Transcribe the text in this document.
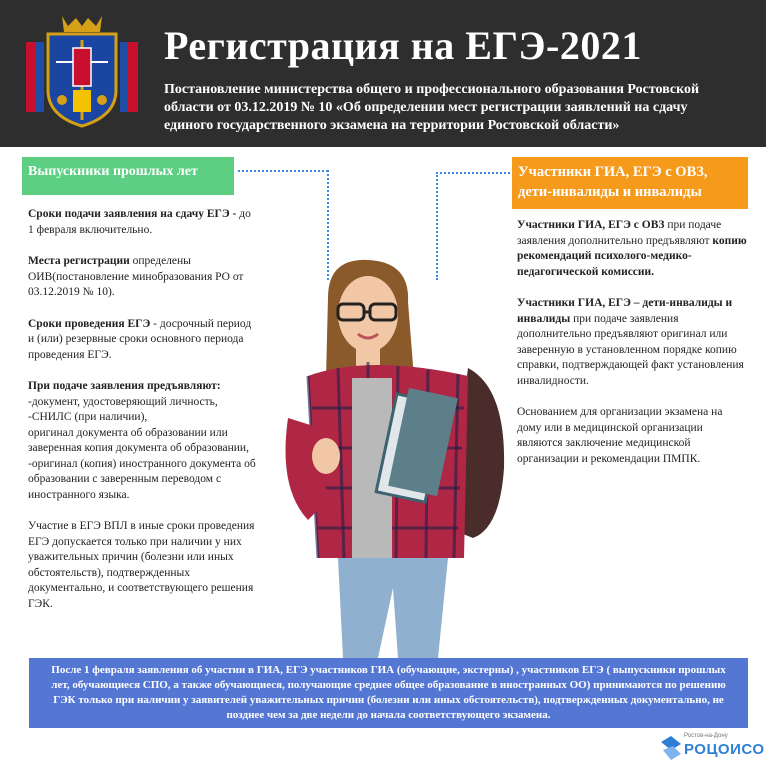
Регистрация на ЕГЭ-2021
Постановление министерства общего и профессионального образования Ростовской области от 03.12.2019 № 10 «Об определении мест регистрации заявлений на сдачу единого государственного экзамена на территории Ростовской области»
Выпускники прошлых лет	Участники ГИА, ЕГЭ с ОВЗ, дети-инвалиды и инвалиды

Сроки подачи заявления на сдачу ЕГЭ - до 1 февраля включительно.

Места регистрации определены ОИВ(постановление минобразования РО от 03.12.2019 № 10).

Сроки проведения ЕГЭ - досрочный период и (или) резервные сроки основного периода проведения ЕГЭ.

При подаче заявления предъявляют:
-документ, удостоверяющий личность,
-СНИЛС (при наличии),
оригинал документа об образовании или заверенная копия документа об образовании,
-оригинал (копия) иностранного документа об образовании с заверенным переводом с иностранного языка.

Участие в ЕГЭ ВПЛ в иные сроки проведения ЕГЭ допускается только при наличии у них уважительных причин (болезни или иных обстоятельств), подтвержденных документально, и соответствующего решения ГЭК.

Участники ГИА, ЕГЭ с ОВЗ при подаче заявления дополнительно предъявляют копию рекомендаций психолого-медико-педагогической комиссии.

Участники ГИА, ЕГЭ – дети-инвалиды и инвалиды при подаче заявления дополнительно предъявляют оригинал или заверенную в установленном порядке копию справки, подтверждающей факт установления инвалидности.

Основанием для организации экзамена на дому или в медицинской организации являются заключение медицинской организации и рекомендации ПМПК.

После 1 февраля заявления об участии в ГИА, ЕГЭ участников ГИА (обучающие, экстерны) , участников ЕГЭ ( выпускники прошлых лет, обучающиеся СПО, а также обучающиеся, получающие среднее общее образование в иностранных ОО) принимаются по решению ГЭК только при наличии у заявителей уважительных причин (болезни или иных обстоятельств), подтвержденных документально, не позднее чем за две недели до начала соответствующего экзамена.
Ростов-на-Дону
РОЦОИСО
